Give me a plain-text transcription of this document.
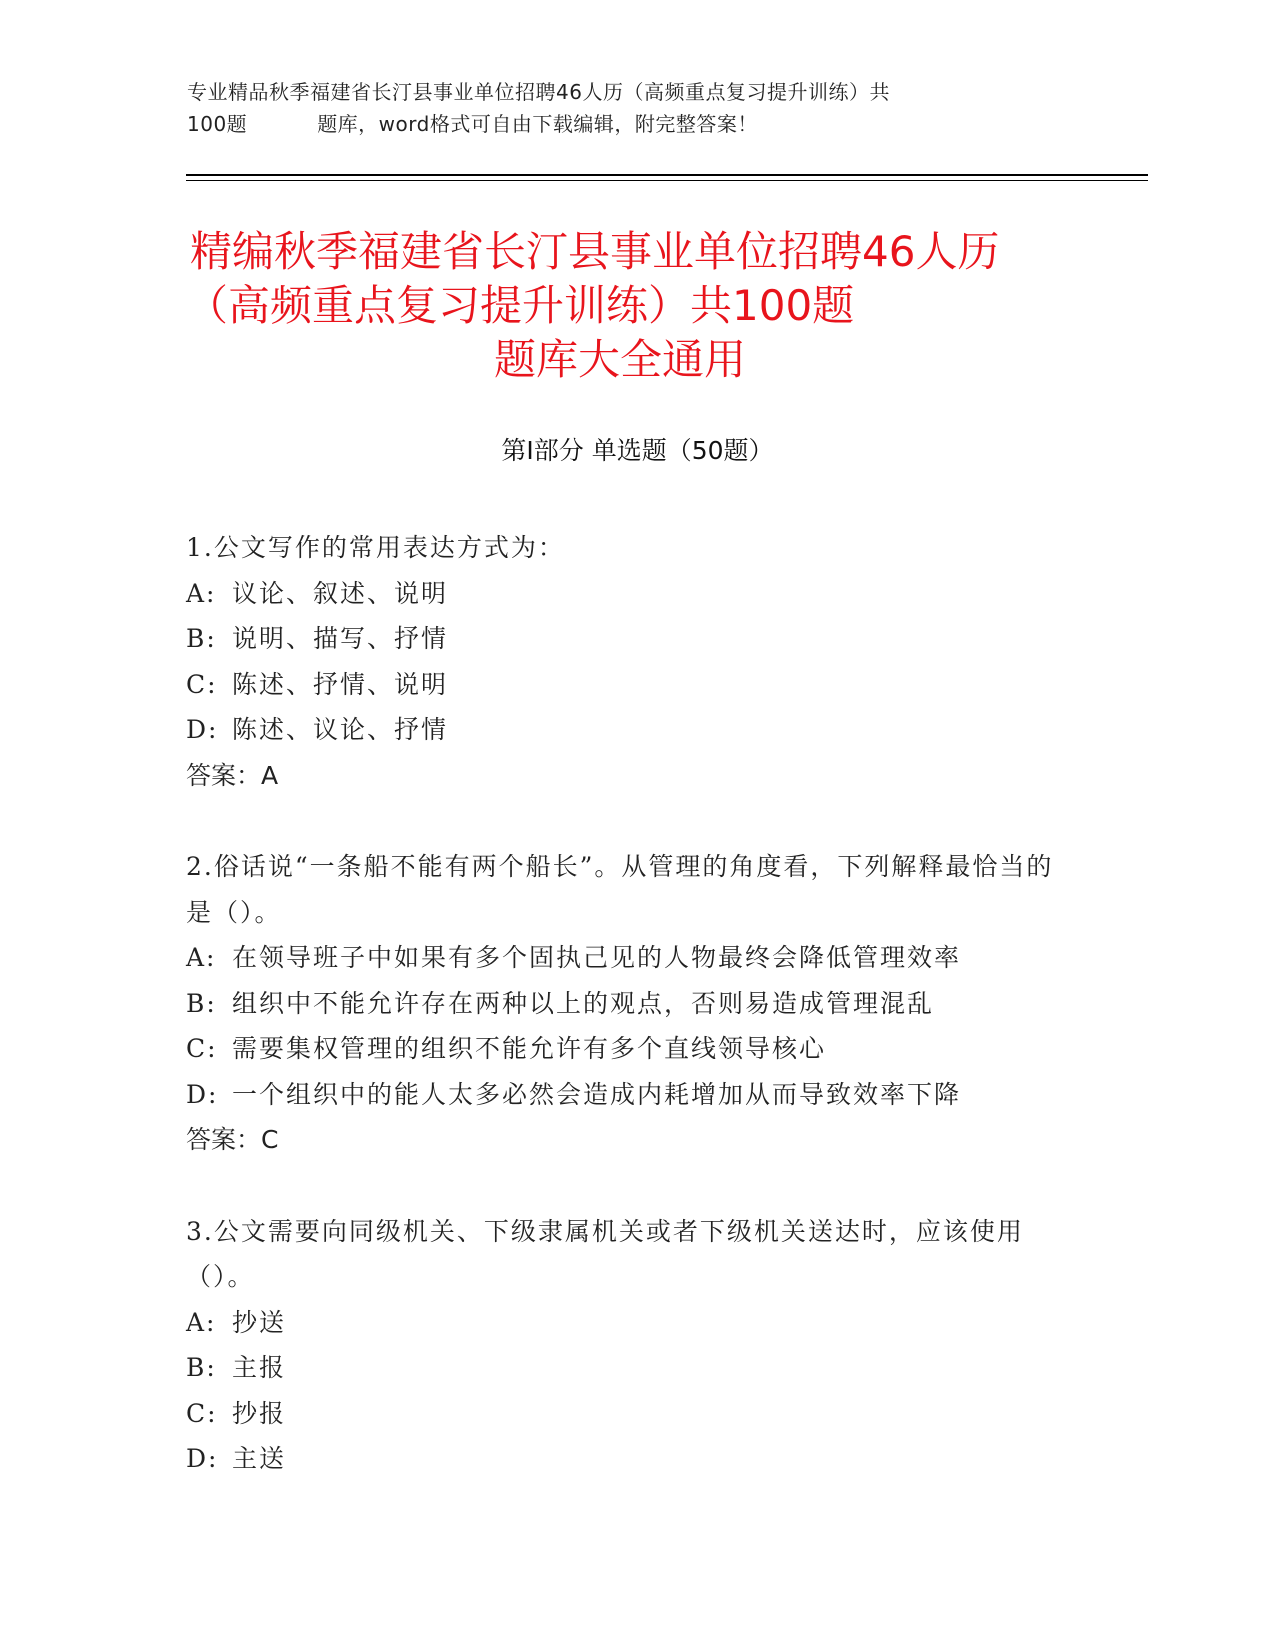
专业精品秋季福建省长汀县事业单位招聘46人历（高频重点复习提升训练）共
100题	题库，word格式可自由下载编辑，附完整答案！
精编秋季福建省长汀县事业单位招聘46人历
（高频重点复习提升训练）共100题
题库大全通用
第Ⅰ部分 单选题（50题）
1.公文写作的常用表达方式为：
A: 议论、叙述、说明
B: 说明、描写、抒情
C: 陈述、抒情、说明
D: 陈述、议论、抒情
答案：A
2.俗话说“一条船不能有两个船长”。从管理的角度看，下列解释最恰当的是（）。
A: 在领导班子中如果有多个固执己见的人物最终会降低管理效率
B: 组织中不能允许存在两种以上的观点，否则易造成管理混乱
C: 需要集权管理的组织不能允许有多个直线领导核心
D: 一个组织中的能人太多必然会造成内耗增加从而导致效率下降
答案：C
3.公文需要向同级机关、下级隶属机关或者下级机关送达时，应该使用（）。
A: 抄送
B: 主报
C: 抄报
D: 主送
